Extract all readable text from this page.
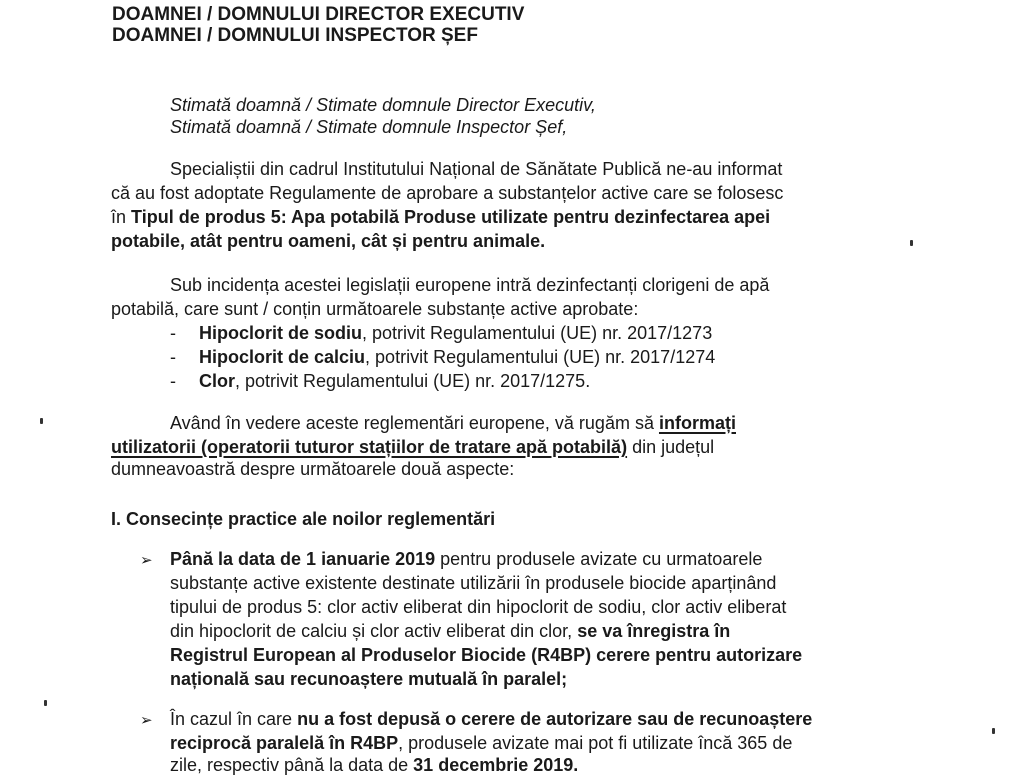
DOAMNEI / DOMNULUI DIRECTOR EXECUTIV
DOAMNEI / DOMNULUI INSPECTOR ȘEF
Stimată doamnă / Stimate domnule Director Executiv,
Stimată doamnă / Stimate domnule Inspector Șef,
Specialiștii din cadrul Institutului Național de Sănătate Publică ne-au informat
că au fost adoptate Regulamente de aprobare a substanțelor active care se folosesc
în Tipul de produs 5: Apa potabilă Produse utilizate pentru dezinfectarea apei
potabile, atât pentru oameni, cât și pentru animale.
Sub incidența acestei legislații europene intră dezinfectanți clorigeni de apă
potabilă, care sunt / conțin următoarele substanțe active aprobate:
- Hipoclorit de sodiu, potrivit Regulamentului (UE) nr. 2017/1273
- Hipoclorit de calciu, potrivit Regulamentului (UE) nr. 2017/1274
- Clor, potrivit Regulamentului (UE) nr. 2017/1275.
Având în vedere aceste reglementări europene, vă rugăm să informați
utilizatorii (operatorii tuturor stațiilor de tratare apă potabilă) din județul
dumneavoastră despre următoarele două aspecte:
I. Consecințe practice ale noilor reglementări
➢ Până la data de 1 ianuarie 2019 pentru produsele avizate cu urmatoarele
substanțe active existente destinate utilizării în produsele biocide aparținând
tipului de produs 5: clor activ eliberat din hipoclorit de sodiu, clor activ eliberat
din hipoclorit de calciu și clor activ eliberat din clor, se va înregistra în
Registrul European al Produselor Biocide (R4BP) cerere pentru autorizare
națională sau recunoaștere mutuală în paralel;
➢ În cazul în care nu a fost depusă o cerere de autorizare sau de recunoaștere
reciprocă paralelă în R4BP, produsele avizate mai pot fi utilizate încă 365 de
zile, respectiv până la data de 31 decembrie 2019.
